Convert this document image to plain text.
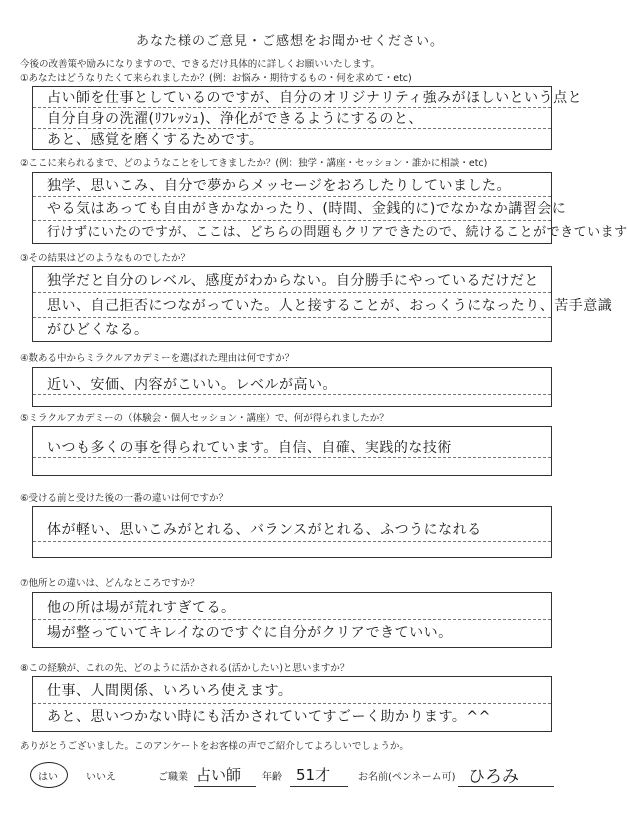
あなた様のご意見・ご感想をお聞かせください。
今後の改善策や励みになりますので、できるだけ具体的に詳しくお願いいたします。
①あなたはどうなりたくて来られましたか？(例：お悩み・期待するもの・何を求めて・etc)
占い師を仕事としているのですが、自分のオリジナリティ強みがほしいという点と
自分自身の洗濯(ﾘﾌﾚｯｼｭ)、浄化ができるようにするのと、
あと、感覚を磨くするためです。
②ここに来られるまで、どのようなことをしてきましたか？(例：独学・講座・セッション・誰かに相談・etc)
独学、思いこみ、自分で夢からメッセージをおろしたりしていました。
やる気はあっても自由がきかなかったり、(時間、金銭的に)でなかなか講習会に
行けずにいたのですが、ここは、どちらの問題もクリアできたので、続けることができています
③その結果はどのようなものでしたか？
独学だと自分のレベル、感度がわからない。自分勝手にやっているだけだと
思い、自己拒否につながっていた。人と接することが、おっくうになったり、苦手意識
がひどくなる。
④数ある中からミラクルアカデミーを選ばれた理由は何ですか？
近い、安価、内容がこいい。レベルが高い。
⑤ミラクルアカデミーの（体験会・個人セッション・講座）で、何が得られましたか？
いつも多くの事を得られています。自信、自確、実践的な技術
⑥受ける前と受けた後の一番の違いは何ですか？
体が軽い、思いこみがとれる、バランスがとれる、ふつうになれる
⑦他所との違いは、どんなところですか？
他の所は場が荒れすぎてる。
場が整っていてキレイなのですぐに自分がクリアできていい。
⑧この経験が、これの先、どのように活かされる(活かしたい)と思いますか？
仕事、人間関係、いろいろ使えます。
あと、思いつかない時にも活かされていてすごーく助かります。^^
ありがとうございました。このアンケートをお客様の声でご紹介してよろしいでしょうか。
はい	いいえ	ご職業 占い師 年齢 51才	お名前(ペンネーム可) ひろみ
